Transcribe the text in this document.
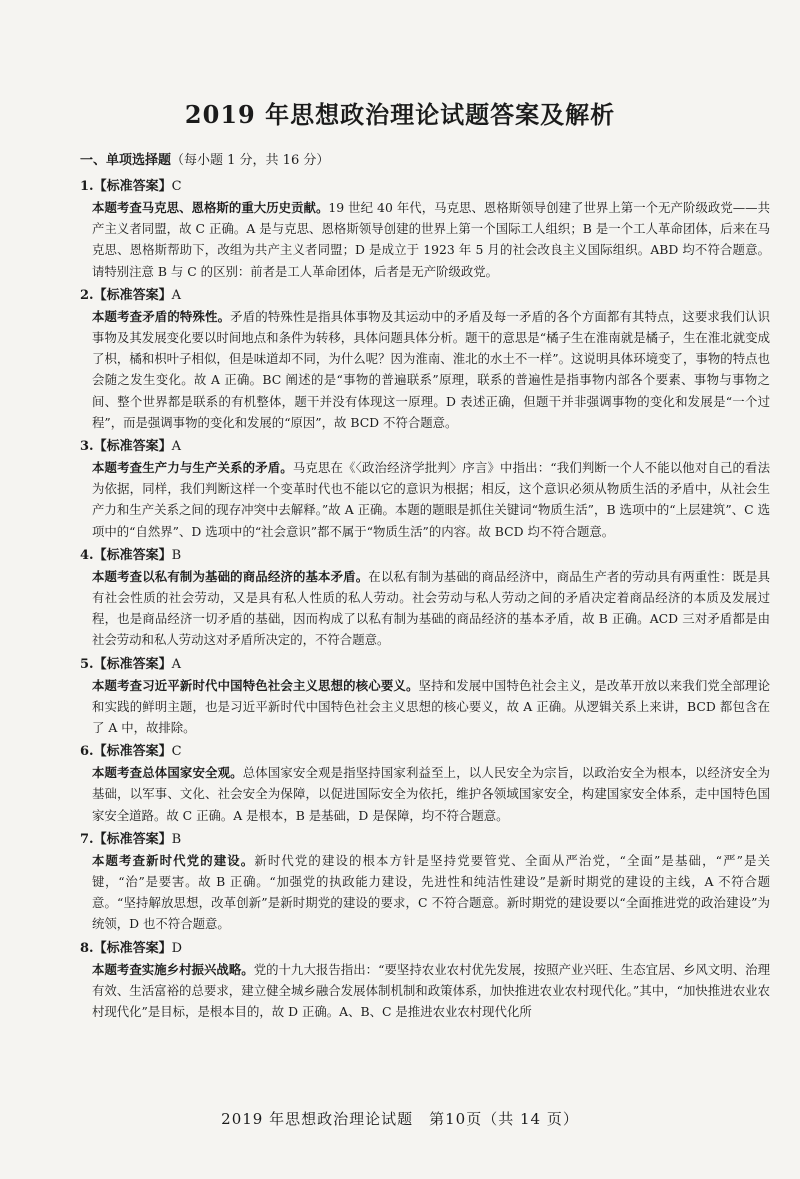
2019 年思想政治理论试题答案及解析
一、单项选择题（每小题 1 分，共 16 分）
1.【标准答案】C
本题考查马克思、恩格斯的重大历史贡献。19 世纪 40 年代，马克思、恩格斯领导创建了世界上第一个无产阶级政党——共产主义者同盟，故 C 正确。A 是与克思、恩格斯领导创建的世界上第一个国际工人组织；B 是一个工人革命团体，后来在马克思、恩格斯帮助下，改组为共产主义者同盟；D 是成立于 1923 年 5 月的社会改良主义国际组织。ABD 均不符合题意。请特别注意 B 与 C 的区别：前者是工人革命团体，后者是无产阶级政党。
2.【标准答案】A
本题考查矛盾的特殊性。矛盾的特殊性是指具体事物及其运动中的矛盾及每一矛盾的各个方面都有其特点，这要求我们认识事物及其发展变化要以时间地点和条件为转移，具体问题具体分析。题干的意思是“橘子生在淮南就是橘子，生在淮北就变成了枳，橘和枳叶子相似，但是味道却不同，为什么呢？因为淮南、淮北的水土不一样”。这说明具体环境变了，事物的特点也会随之发生变化。故 A 正确。BC 阐述的是“事物的普遍联系”原理，联系的普遍性是指事物内部各个要素、事物与事物之间、整个世界都是联系的有机整体，题干并没有体现这一原理。D 表述正确，但题干并非强调事物的变化和发展是“一个过程”，而是强调事物的变化和发展的“原因”，故 BCD 不符合题意。
3.【标准答案】A
本题考查生产力与生产关系的矛盾。马克思在《〈政治经济学批判〉序言》中指出：“我们判断一个人不能以他对自己的看法为依据，同样，我们判断这样一个变革时代也不能以它的意识为根据；相反，这个意识必须从物质生活的矛盾中，从社会生产力和生产关系之间的现存冲突中去解释。”故 A 正确。本题的题眼是抓住关键词“物质生活”，B 选项中的“上层建筑”、C 选项中的“自然界”、D 选项中的“社会意识”都不属于“物质生活”的内容。故 BCD 均不符合题意。
4.【标准答案】B
本题考查以私有制为基础的商品经济的基本矛盾。在以私有制为基础的商品经济中，商品生产者的劳动具有两重性：既是具有社会性质的社会劳动，又是具有私人性质的私人劳动。社会劳动与私人劳动之间的矛盾决定着商品经济的本质及发展过程，也是商品经济一切矛盾的基础，因而构成了以私有制为基础的商品经济的基本矛盾，故 B 正确。ACD 三对矛盾都是由社会劳动和私人劳动这对矛盾所决定的，不符合题意。
5.【标准答案】A
本题考查习近平新时代中国特色社会主义思想的核心要义。坚持和发展中国特色社会主义，是改革开放以来我们党全部理论和实践的鲜明主题，也是习近平新时代中国特色社会主义思想的核心要义，故 A 正确。从逻辑关系上来讲，BCD 都包含在了 A 中，故排除。
6.【标准答案】C
本题考查总体国家安全观。总体国家安全观是指坚持国家利益至上，以人民安全为宗旨，以政治安全为根本，以经济安全为基础，以军事、文化、社会安全为保障，以促进国际安全为依托，维护各领域国家安全，构建国家安全体系，走中国特色国家安全道路。故 C 正确。A 是根本，B 是基础，D 是保障，均不符合题意。
7.【标准答案】B
本题考查新时代党的建设。新时代党的建设的根本方针是坚持党要管党、全面从严治党，“全面”是基础，“严”是关键，“治”是要害。故 B 正确。“加强党的执政能力建设，先进性和纯洁性建设”是新时期党的建设的主线，A 不符合题意。“坚持解放思想，改革创新”是新时期党的建设的要求，C 不符合题意。新时期党的建设要以“全面推进党的政治建设”为统领，D 也不符合题意。
8.【标准答案】D
本题考查实施乡村振兴战略。党的十九大报告指出：“要坚持农业农村优先发展，按照产业兴旺、生态宜居、乡风文明、治理有效、生活富裕的总要求，建立健全城乡融合发展体制机制和政策体系，加快推进农业农村现代化。”其中，“加快推进农业农村现代化”是目标，是根本目的，故 D 正确。A、B、C 是推进农业农村现代化所
2019 年思想政治理论试题　第10页（共 14 页）
